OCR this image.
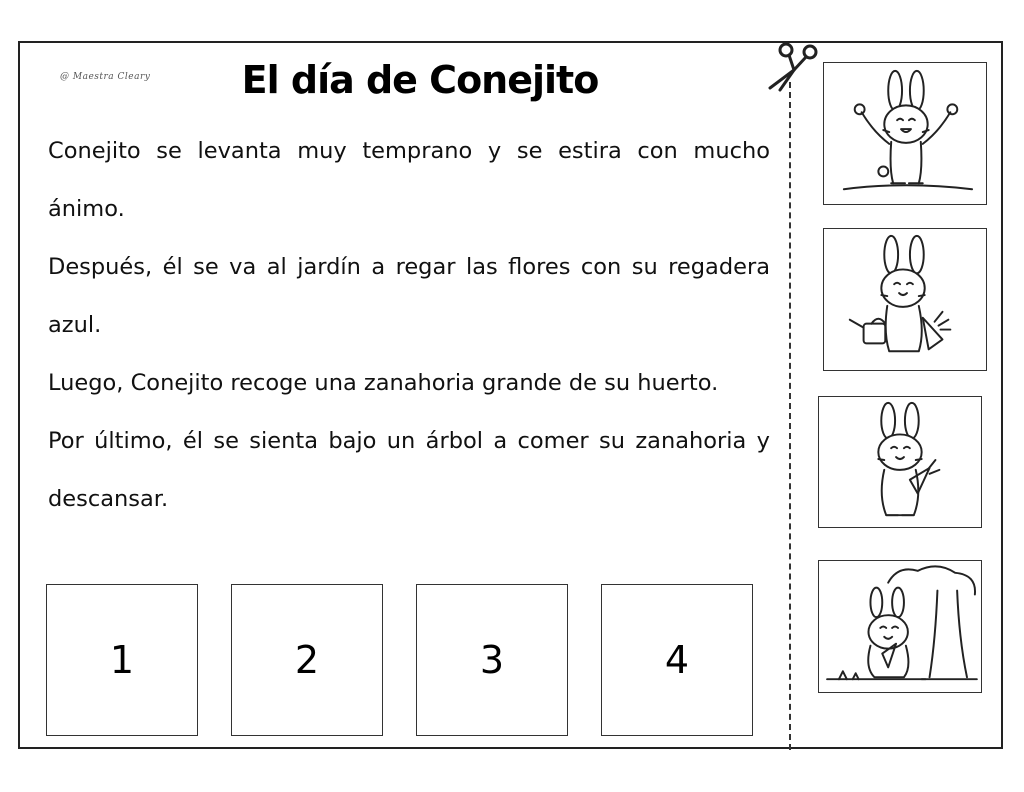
@ Maestra Cleary	El día de Conejito

Conejito se levanta muy temprano y se estira con mucho ánimo.

Después, él se va al jardín a regar las flores con su regadera azul.

Luego, Conejito recoge una zanahoria grande de su huerto.

Por último, él se sienta bajo un árbol a comer su zanahoria y descansar.

1	2	3	4
